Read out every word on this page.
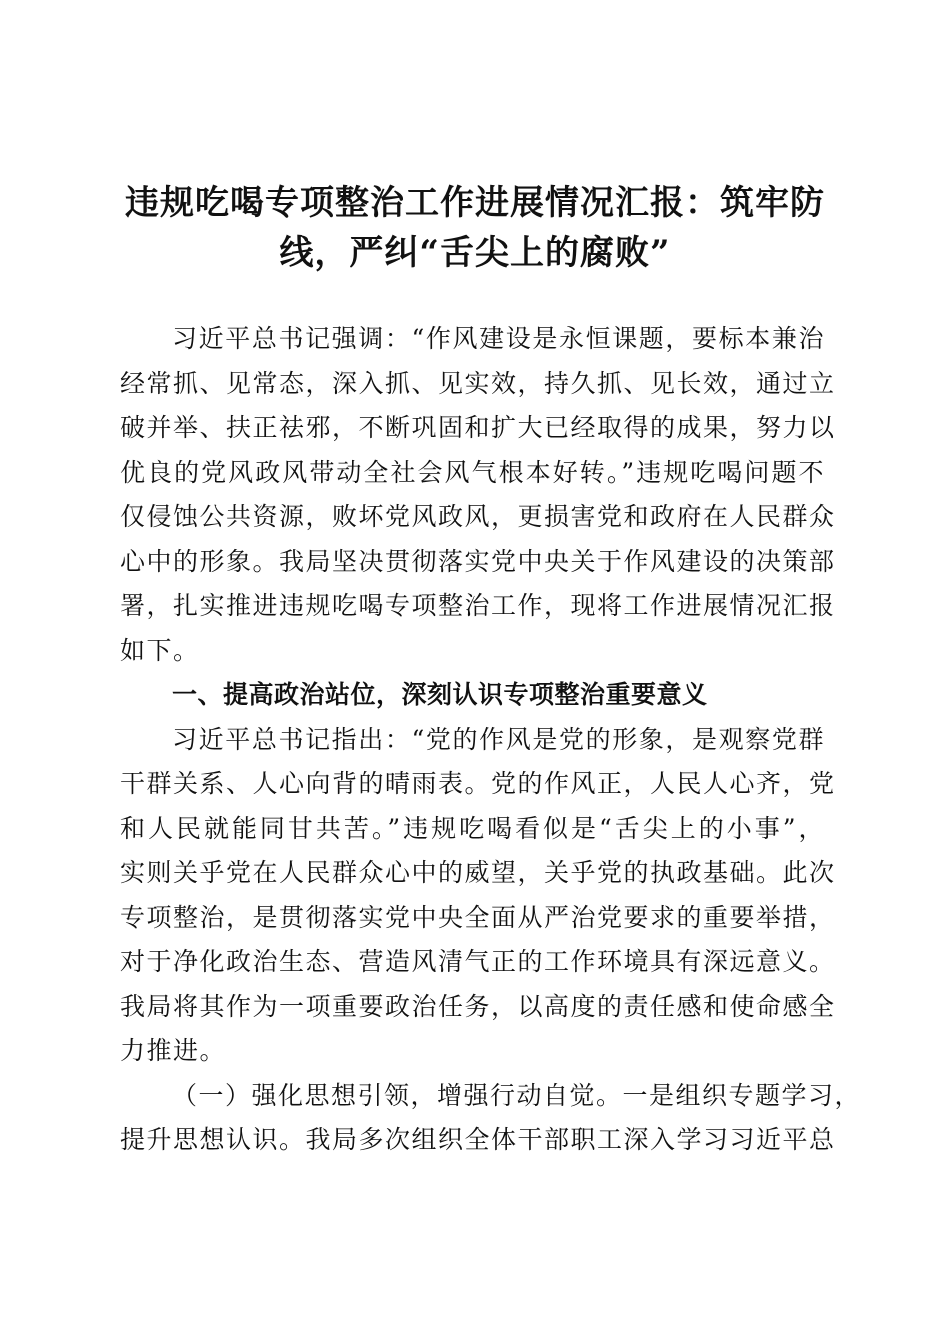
违规吃喝专项整治工作进展情况汇报：筑牢防
线，严纠“舌尖上的腐败”

习近平总书记强调：“作风建设是永恒课题，要标本兼治
经常抓、见常态，深入抓、见实效，持久抓、见长效，通过立
破并举、扶正祛邪，不断巩固和扩大已经取得的成果，努力以
优良的党风政风带动全社会风气根本好转。”违规吃喝问题不
仅侵蚀公共资源，败坏党风政风，更损害党和政府在人民群众
心中的形象。我局坚决贯彻落实党中央关于作风建设的决策部
署，扎实推进违规吃喝专项整治工作，现将工作进展情况汇报
如下。

一、提高政治站位，深刻认识专项整治重要意义

习近平总书记指出：“党的作风是党的形象，是观察党群
干群关系、人心向背的晴雨表。党的作风正，人民人心齐，党
和人民就能同甘共苦。”违规吃喝看似是“舌尖上的小事”，
实则关乎党在人民群众心中的威望，关乎党的执政基础。此次
专项整治，是贯彻落实党中央全面从严治党要求的重要举措，
对于净化政治生态、营造风清气正的工作环境具有深远意义。
我局将其作为一项重要政治任务，以高度的责任感和使命感全
力推进。

（一）强化思想引领，增强行动自觉。一是组织专题学习，
提升思想认识。我局多次组织全体干部职工深入学习习近平总
